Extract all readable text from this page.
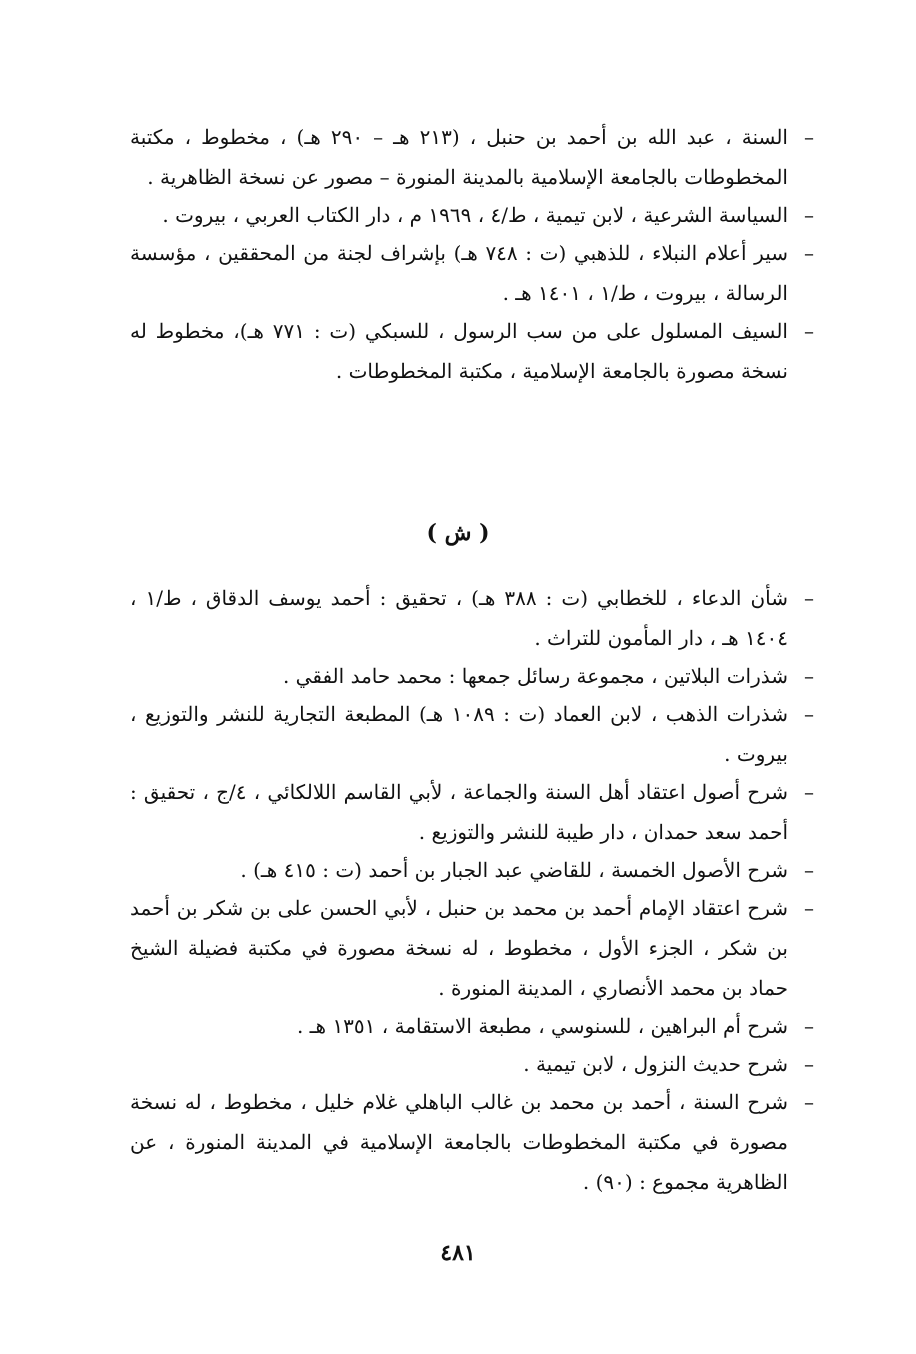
–
السنة ، عبد الله بن أحمد بن حنبل ، (٢١٣ هـ – ٢٩٠ هـ) ، مخطوط ، مكتبة المخطوطات بالجامعة الإسلامية بالمدينة المنورة – مصور عن نسخة الظاهرية .
–
السياسة الشرعية ، لابن تيمية ، ط/٤ ، ١٩٦٩ م ، دار الكتاب العربي ، بيروت .
–
سير أعلام النبلاء ، للذهبي (ت : ٧٤٨ هـ) بإشراف لجنة من المحققين ، مؤسسة الرسالة ، بيروت ، ط/١ ، ١٤٠١ هـ .
–
السيف المسلول على من سب الرسول ، للسبكي (ت : ٧٧١ هـ)، مخطوط له نسخة مصورة بالجامعة الإسلامية ، مكتبة المخطوطات .
( ش )
–
شأن الدعاء ، للخطابي (ت : ٣٨٨ هـ) ، تحقيق : أحمد يوسف الدقاق ، ط/١ ، ١٤٠٤ هـ ، دار المأمون للتراث .
–
شذرات البلاتين ، مجموعة رسائل جمعها : محمد حامد الفقي .
–
شذرات الذهب ، لابن العماد (ت : ١٠٨٩ هـ) المطبعة التجارية للنشر والتوزيع ، بيروت .
–
شرح أصول اعتقاد أهل السنة والجماعة ، لأبي القاسم اللالكائي ، ٤/ج ، تحقيق : أحمد سعد حمدان ، دار طيبة للنشر والتوزيع .
–
شرح الأصول الخمسة ، للقاضي عبد الجبار بن أحمد (ت : ٤١٥ هـ) .
–
شرح اعتقاد الإمام أحمد بن محمد بن حنبل ، لأبي الحسن على بن شكر بن أحمد بن شكر ، الجزء الأول ، مخطوط ، له نسخة مصورة في مكتبة فضيلة الشيخ حماد بن محمد الأنصاري ، المدينة المنورة .
–
شرح أم البراهين ، للسنوسي ، مطبعة الاستقامة ، ١٣٥١ هـ .
–
شرح حديث النزول ، لابن تيمية .
–
شرح السنة ، أحمد بن محمد بن غالب الباهلي غلام خليل ، مخطوط ، له نسخة مصورة في مكتبة المخطوطات بالجامعة الإسلامية في المدينة المنورة ، عن الظاهرية مجموع : (٩٠) .
٤٨١
